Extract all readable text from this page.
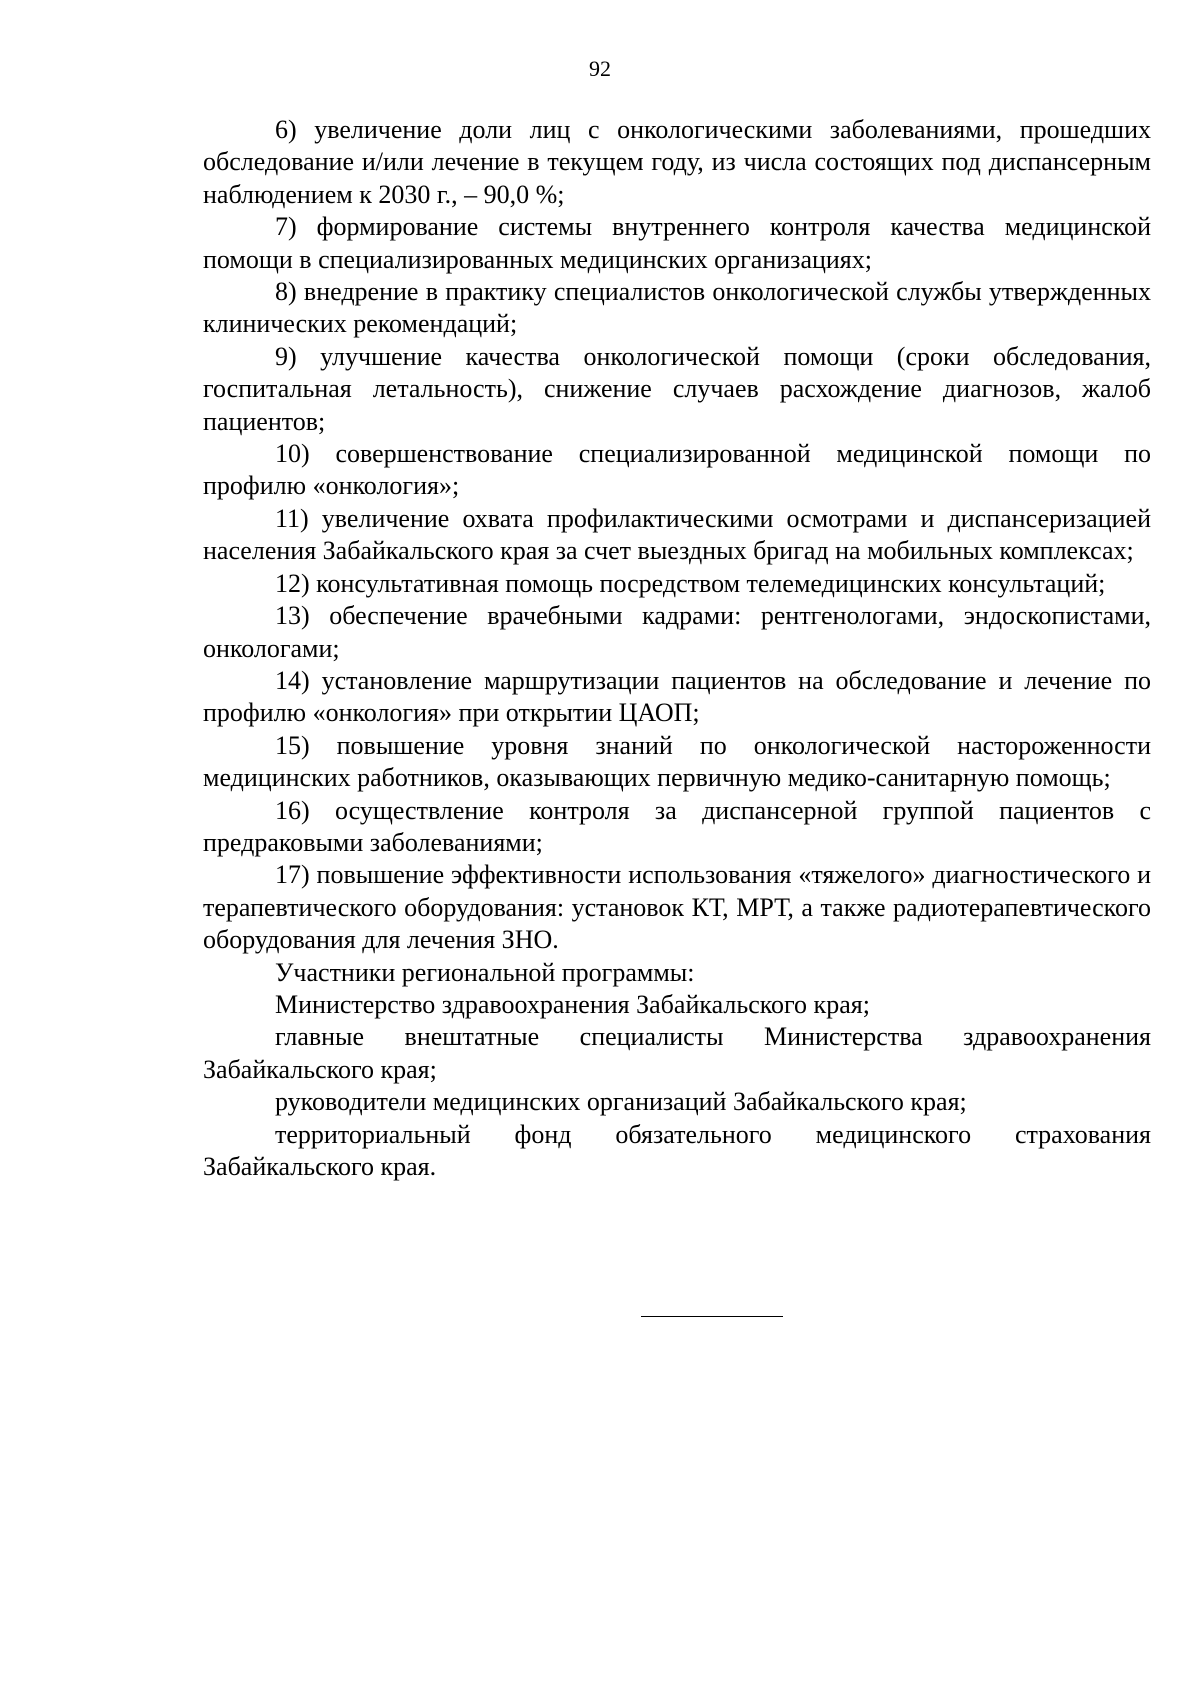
92

6) увеличение доли лиц с онкологическими заболеваниями, прошедших обследование и/или лечение в текущем году, из числа состоящих под диспансерным наблюдением к 2030 г., – 90,0 %;

7) формирование системы внутреннего контроля качества медицинской помощи в специализированных медицинских организациях;

8) внедрение в практику специалистов онкологической службы утвержденных клинических рекомендаций;

9) улучшение качества онкологической помощи (сроки обследования, госпитальная летальность), снижение случаев расхождение диагнозов, жалоб пациентов;

10) совершенствование специализированной медицинской помощи по профилю «онкология»;

11) увеличение охвата профилактическими осмотрами и диспансеризацией населения Забайкальского края за счет выездных бригад на мобильных комплексах;

12) консультативная помощь посредством телемедицинских консультаций;

13) обеспечение врачебными кадрами: рентгенологами, эндоскопистами, онкологами;

14) установление маршрутизации пациентов на обследование и лечение по профилю «онкология» при открытии ЦАОП;

15) повышение уровня знаний по онкологической настороженности медицинских работников, оказывающих первичную медико-санитарную помощь;

16) осуществление контроля за диспансерной группой пациентов с предраковыми заболеваниями;

17) повышение эффективности использования «тяжелого» диагностического и терапевтического оборудования: установок КТ, МРТ, а также радиотерапевтического оборудования для лечения ЗНО.

Участники региональной программы:

Министерство здравоохранения Забайкальского края;

главные внештатные специалисты Министерства здравоохранения Забайкальского края;

руководители медицинских организаций Забайкальского края;

территориальный фонд обязательного медицинского страхования Забайкальского края.
